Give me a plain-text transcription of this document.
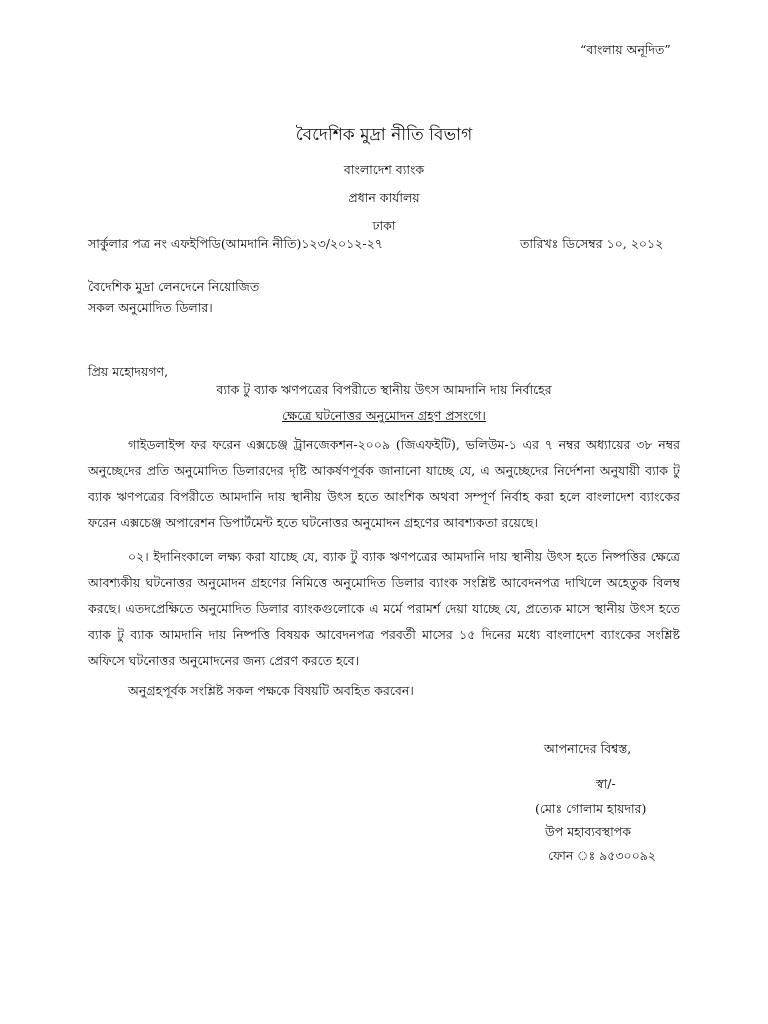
“বাংলায় অনূদিত”
বৈদেশিক মুদ্রা নীতি বিভাগ
বাংলাদেশ ব্যাংক
প্রধান কার্যালয়
ঢাকা
সার্কুলার পত্র নং এফইপিডি(আমদানি নীতি)১২৩/২০১২-২৭	তারিখঃ ডিসেম্বর ১০, ২০১২
বৈদেশিক মুদ্রা লেনদেনে নিয়োজিত
সকল অনুমোদিত ডিলার।
প্রিয় মহোদয়গণ,
ব্যাক টু ব্যাক ঋণপত্রের বিপরীতে স্থানীয় উৎস আমদানি দায় নির্বাহের
ক্ষেত্রে ঘটনোত্তর অনুমোদন গ্রহণ প্রসংগে।
গাইডলাইন্স ফর ফরেন এক্সচেঞ্জ ট্রানজেকশন-২০০৯ (জিএফইটি), ভলিউম-১ এর ৭ নম্বর অধ্যায়ের ৩৮ নম্বর অনুচ্ছেদের প্রতি অনুমোদিত ডিলারদের দৃষ্টি আকর্ষণপূর্বক জানানো যাচ্ছে যে, এ অনুচ্ছেদের নির্দেশনা অনুযায়ী ব্যাক টু ব্যাক ঋণপত্রের বিপরীতে আমদানি দায় স্থানীয় উৎস হতে আংশিক অথবা সম্পূর্ণ নির্বাহ করা হলে বাংলাদেশ ব্যাংকের ফরেন এক্সচেঞ্জ অপারেশন ডিপার্টমেন্ট হতে ঘটনোত্তর অনুমোদন গ্রহণের আবশ্যকতা রয়েছে।
০২। ইদানিংকালে লক্ষ্য করা যাচ্ছে যে, ব্যাক টু ব্যাক ঋণপত্রের আমদানি দায় স্থানীয় উৎস হতে নিষ্পত্তির ক্ষেত্রে আবশ্যকীয় ঘটনোত্তর অনুমোদন গ্রহণের নিমিত্তে অনুমোদিত ডিলার ব্যাংক সংশ্লিষ্ট আবেদনপত্র দাখিলে অহেতুক বিলম্ব করছে। এতদপ্রেক্ষিতে অনুমোদিত ডিলার ব্যাংকগুলোকে এ মর্মে পরামর্শ দেয়া যাচ্ছে যে, প্রত্যেক মাসে স্থানীয় উৎস হতে ব্যাক টু ব্যাক আমদানি দায় নিষ্পত্তি বিষয়ক আবেদনপত্র পরবর্তী মাসের ১৫ দিনের মধ্যে বাংলাদেশ ব্যাংকের সংশ্লিষ্ট অফিসে ঘটনোত্তর অনুমোদনের জন্য প্রেরণ করতে হবে।
অনুগ্রহপূর্বক সংশ্লিষ্ট সকল পক্ষকে বিষয়টি অবহিত করবেন।
আপনাদের বিশ্বস্ত,
স্বা/-
(মোঃ গোলাম হায়দার)
উপ মহাব্যবস্থাপক
ফোন ঃ ৯৫৩০০৯২
